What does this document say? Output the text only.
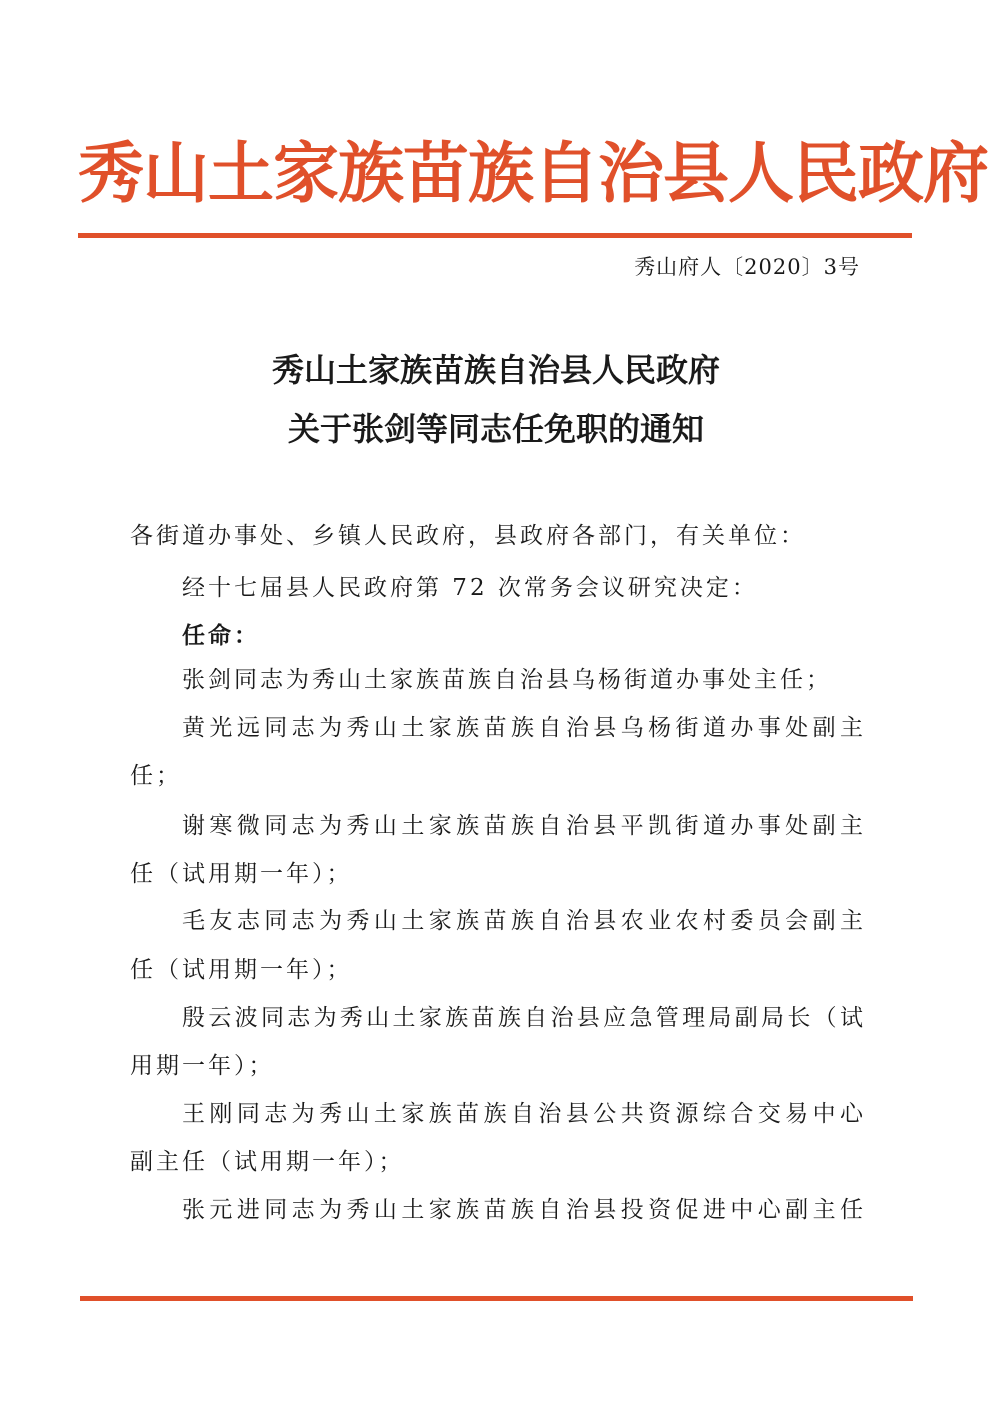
秀山土家族苗族自治县人民政府
秀山府人〔2020〕3号
秀山土家族苗族自治县人民政府
关于张剑等同志任免职的通知
各街道办事处、乡镇人民政府，县政府各部门，有关单位：
经十七届县人民政府第 72 次常务会议研究决定：
任命：
张剑同志为秀山土家族苗族自治县乌杨街道办事处主任；
黄光远同志为秀山土家族苗族自治县乌杨街道办事处副主
任；
谢寒微同志为秀山土家族苗族自治县平凯街道办事处副主
任（试用期一年）；
毛友志同志为秀山土家族苗族自治县农业农村委员会副主
任（试用期一年）；
殷云波同志为秀山土家族苗族自治县应急管理局副局长（试
用期一年）；
王刚同志为秀山土家族苗族自治县公共资源综合交易中心
副主任（试用期一年）；
张元进同志为秀山土家族苗族自治县投资促进中心副主任
